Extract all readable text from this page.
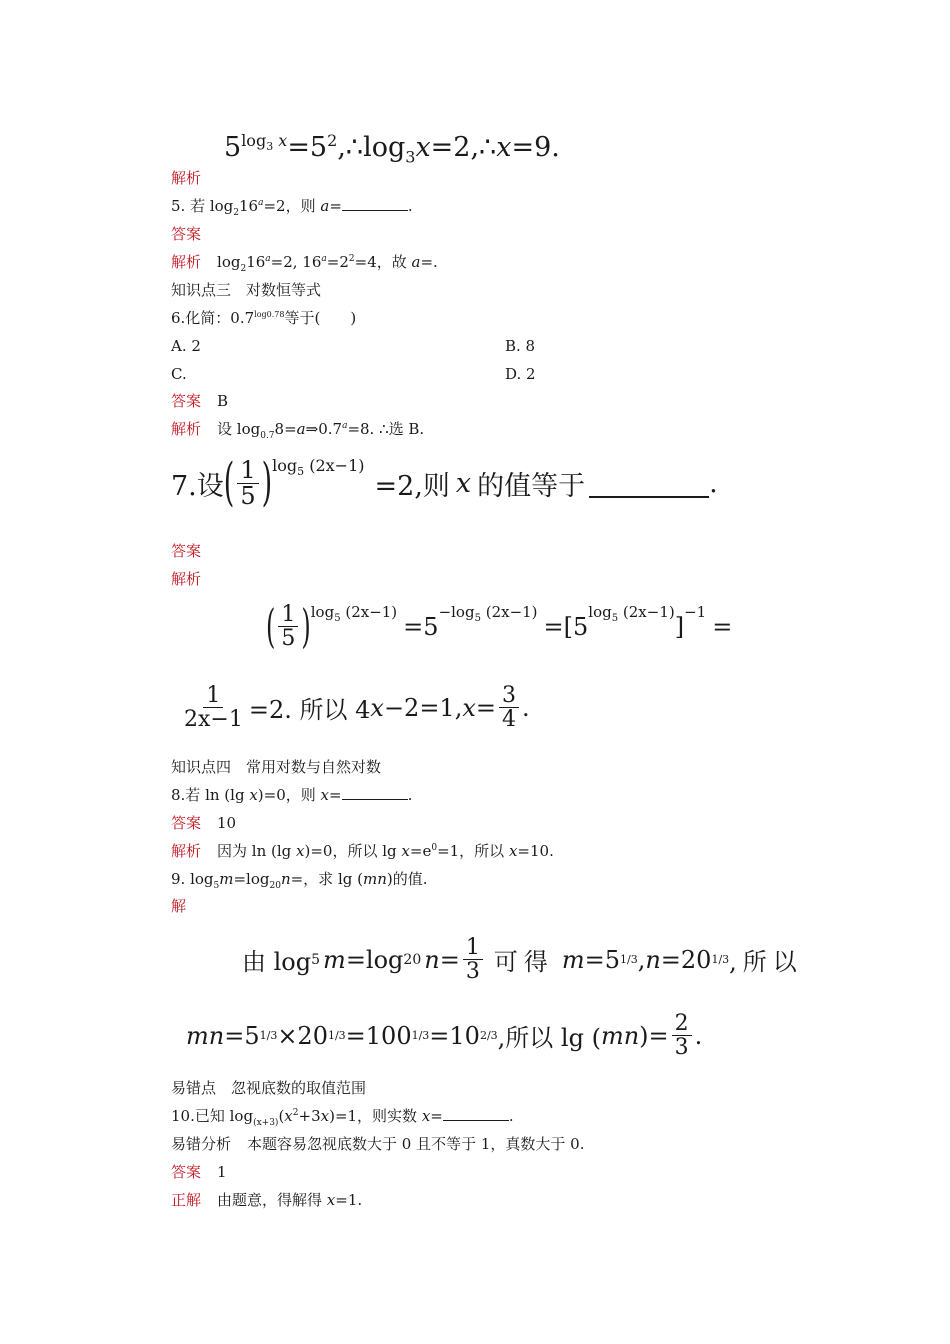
$5^{log_3 x}=5^2,\therefore\log_3x=2,\therefore x=9$.
解析
5. 若 $\log_216^a=2$，则 a=	.
答案
解析 $\log_216^a=2$, $16^a=2^2=4$，故 a=.
知识点三　对数恒等式
6.化简：$0.7^{log0.78}$等于(　　)
A. 2	B. 8
C.	D. 2
答案 B
解析 设 $\log_{0.7}8=a\Rightarrow 0.7^a=8$. ∴选 B.
7.设 ( $\frac{1}{5}$ ) $\log_5 (2x-1)$
=2,则 x 的值等于	.
答案
解析
( $\frac{1}{5}$ ) $\log_5 (2x-1)$
=5
$-\log_5$ (2x−1)
=[5
$\log_5 (2x-1)$
]
−1
=
$\frac{1}{2x-1} =2$. 所以 4 x −2=1, $x = \frac{3}{4}$ .
知识点四　常用对数与自然对数
8.若 ln (lg x)=0，则 x=	.
答案 10
解析 因为 ln (lg x)=0，所以 $\lg x=e^0=1$，所以 x=10.
9. $\log_5m=\log_{20}n=$，求 lg (mn)的值.
解
由 log 5 m =log 20 $n = \frac{1}{3}$ 可得 m =5 1/3 , n =20 1/3 ,所以
mn =5 1/3 ×20 1/3 =100 1/3 =10 2/3 ,所以 lg ( mn )= $\frac{2}{3}$ .
易错点　忽视底数的取值范围
10.已知 $\log_{(x+3)}(x^2+3x)=1$，则实数 x=	.
易错分析 本题容易忽视底数大于 0 且不等于 1，真数大于 0.
答案 1
正解 由题意，得解得 x=1.
